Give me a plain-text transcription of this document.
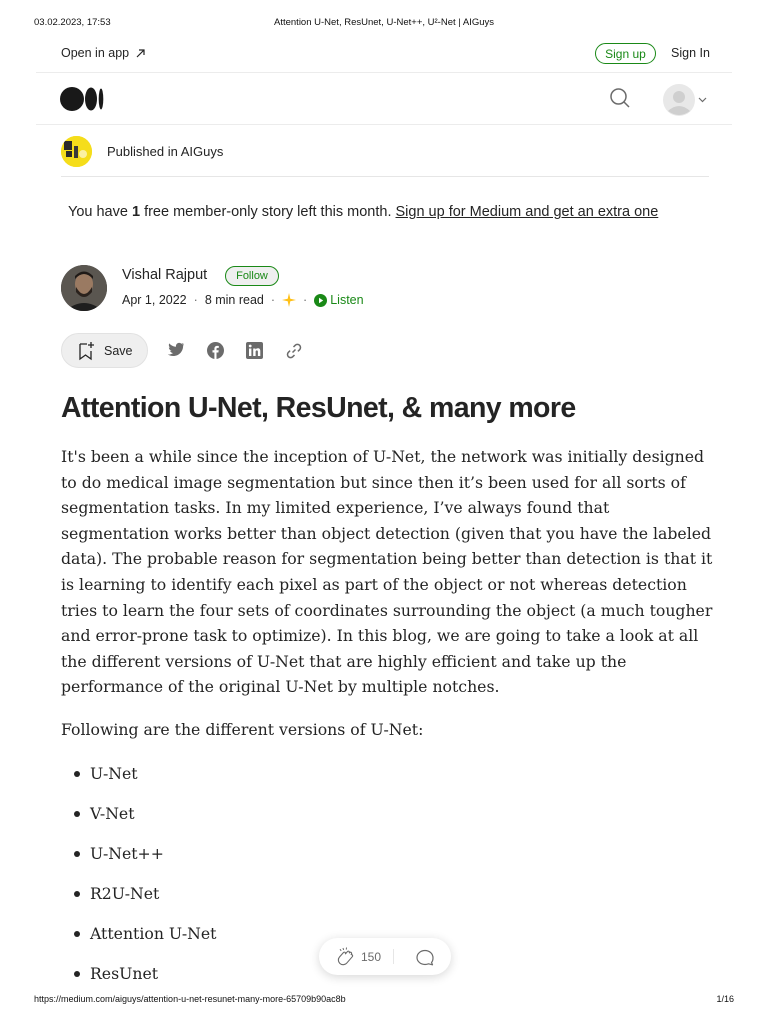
03.02.2023, 17:53	Attention U-Net, ResUnet, U-Net++, U²-Net | AIGuys
Open in app	Sign up	Sign In
Published in AIGuys
You have 1 free member-only story left this month. Sign up for Medium and get an extra one
Vishal Rajput	Follow
Apr 1, 2022 · 8 min read · · Listen
Save
Attention U-Net, ResUnet, & many more

It's been a while since the inception of U-Net, the network was initially designed to do medical image segmentation but since then it’s been used for all sorts of segmentation tasks. In my limited experience, I’ve always found that segmentation works better than object detection (given that you have the labeled data). The probable reason for segmentation being better than detection is that it is learning to identify each pixel as part of the object or not whereas detection tries to learn the four sets of coordinates surrounding the object (a much tougher and error-prone task to optimize). In this blog, we are going to take a look at all the different versions of U-Net that are highly efficient and take up the performance of the original U-Net by multiple notches.

Following are the different versions of U-Net:

U-Net
V-Net
U-Net++
R2U-Net
Attention U-Net
ResUnet
150
https://medium.com/aiguys/attention-u-net-resunet-many-more-65709b90ac8b	1/16
